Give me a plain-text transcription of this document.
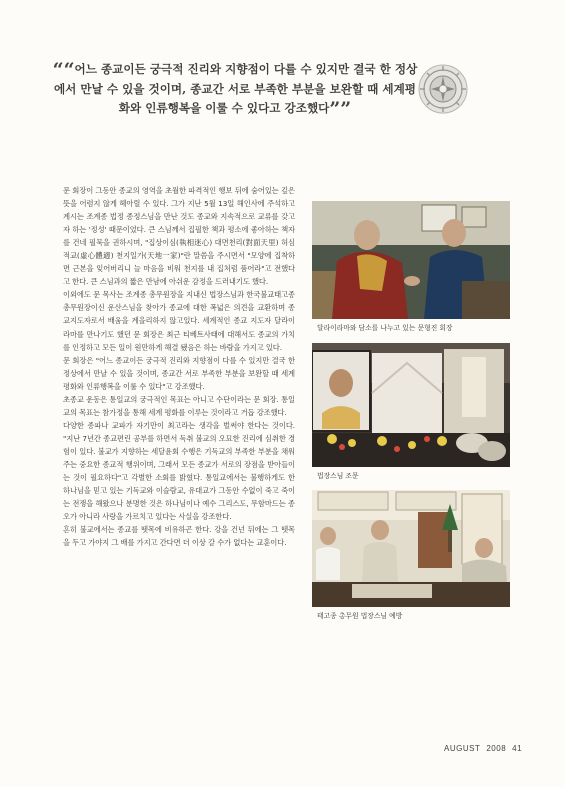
““어느 종교이든 궁극적 진리와 지향점이 다를 수 있지만 결국 한 정상에서 만날 수 있을 것이며, 종교간 서로 부족한 부분을 보완할 때 세계평화와 인류행복을 이룰 수 있다고 강조했다””

문 회장이 그동안 종교의 영역을 초월한 파격적인 행보 뒤에 숨어있는 깊은 뜻을 어렴지 않게 헤아릴 수 있다. 그가 지난 5월 13일 해인사에 주석하고 계시는 조계종 법정 종정스님을 만난 것도 종교와 지속적으로 교류를 갖고자 하는 '정성' 때문이었다. 큰 스님께서 집필한 책과 평소에 좋아하는 책자를 건네 필묵을 권하시며, "집상이심(執相迷心) 대면천리(對面天里) 허심적교(虛心體適) 천지일가(天地一家)"란 말씀을 주시면서 "모양에 집착하면 근본을 잊어버리니 늘 마음을 비워 천지를 내 집처럼 품어라"고 전했다고 한다. 큰 스님과의 짧은 만남에 아쉬운 감정을 드러내기도 했다.

이외에도 문 목사는 조계종 총무원장을 지내신 법장스님과 한국불교태고종 총무원장이신 운산스님을 찾아가 종교에 대한 폭넓은 의견을 교환하며 종교지도자로서 배움을 계을리하지 않고있다. 세계적인 종교 지도자 달라이라마를 만나기도 했던 문 회장은 최근 티베트사태에 대해서도 종교의 가치를 인정하고 모든 일이 원만하게 해결 됐음은 하는 바람을 가지고 있다.

문 회장은 "어느 종교이든 궁극적 진리와 지향점이 다를 수 있지만 결국 한 정상에서 만날 수 있을 것이며, 종교간 서로 부족한 부분을 보완할 때 세계평화와 인류행복을 이룰 수 있다"고 강조했다.

초종교 운동은 통일교의 궁극적인 목표는 아니고 수단이라는 문 회장. 통일교의 목표는 참가정을 통해 세계 평화를 이루는 것이라고 거듭 강조했다.

다양한 종파나 교파가 자기만이 최고라는 생각을 벌써야 한다는 것이다. "지난 7년간 종교편린 공부를 하면서 독취 불교의 오묘한 진리에 심취한 경험이 있다. 불교가 지향하는 세달윤회 수행은 기독교의 부족한 부분을 채워주는 중요한 종교적 행위이며, 그래서 모든 종교가 서로의 장점을 받아들이는 것이 필요하다"고 각별한 소회를 밝혔다. 통일교에서는 불행하게도 한 하나님을 믿고 있는 기독교와 이슬람교, 유대교가 그동안 수없이 죽고 죽이는 전쟁을 해왔으나 분명한 것은 하나님이나 예수 그리스도, 무함마드는 종오가 아니라 사랑을 가르치고 있다는 사실을 강조한다.

흔히 불교에서는 종교를 뗏목에 비유하곤 한다. 강을 건넌 뒤에는 그 뗏목을 두고 가야지 그 배를 가지고 간다면 더 이상 갈 수가 없다는 교훈이다.

달라이라마와 담소를 나누고 있는 문형진 회장
법장스님 조문
태고종 총무원 법장스님 예방
AUGUST 2008 41
